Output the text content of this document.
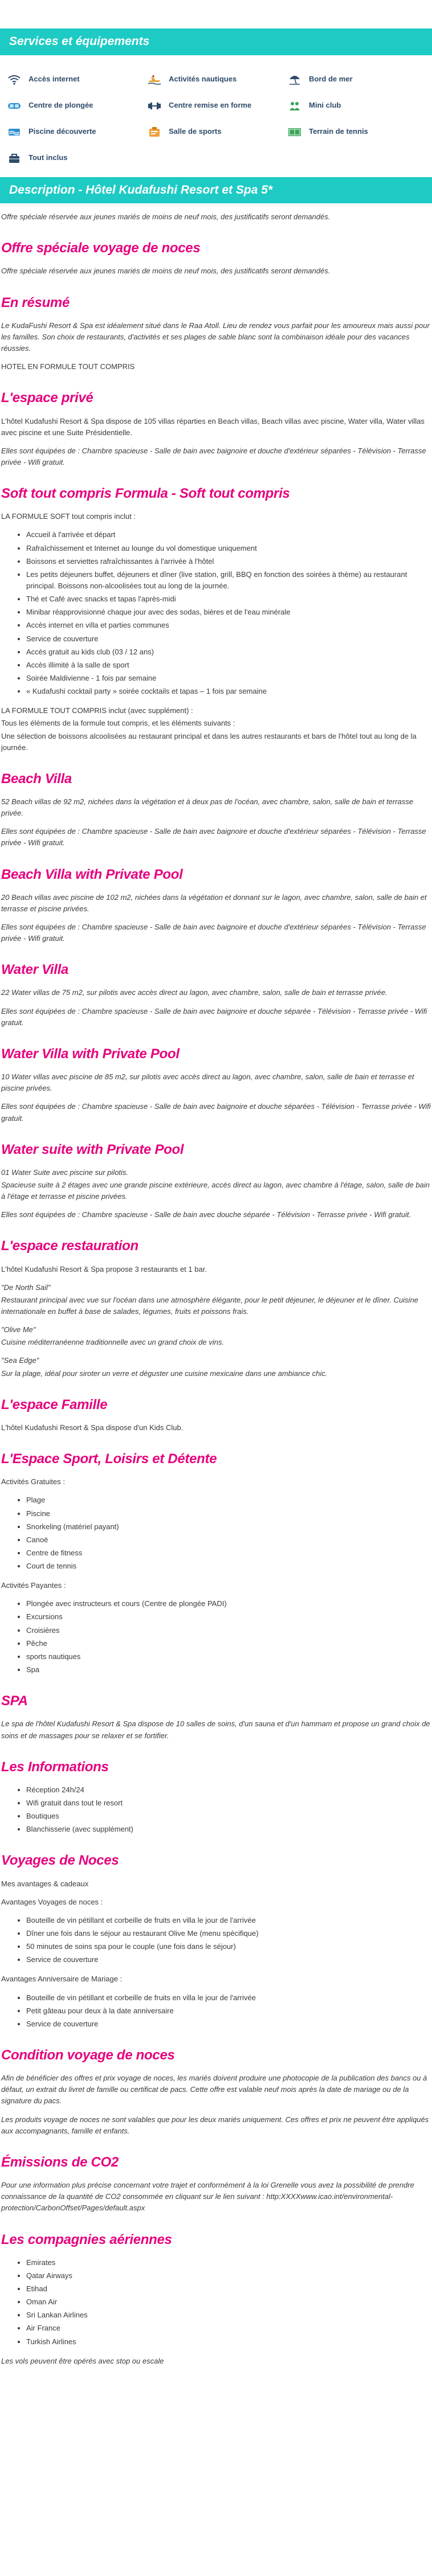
Services et équipements
Accès internet	Activités nautiques	Bord de mer
Centre de plongée	Centre remise en forme	Mini club
Piscine découverte	Salle de sports	Terrain de tennis
Tout inclus
Description - Hôtel Kudafushi Resort et Spa 5*

Offre spéciale réservée aux jeunes mariés de moins de neuf mois, des justificatifs seront demandés.

Offre spéciale voyage de noces

Offre spéciale réservée aux jeunes mariés de moins de neuf mois, des justificatifs seront demandés.

En résumé

Le KudaFushi Resort & Spa est idéalement situé dans le Raa Atoll. Lieu de rendez vous parfait pour les amoureux mais aussi pour les familles. Son choix de restaurants, d'activités et ses plages de sable blanc sont la combinaison idéale pour des vacances réussies.

HOTEL EN FORMULE TOUT COMPRIS

L'espace privé

L'hôtel Kudafushi Resort & Spa dispose de 105 villas réparties en Beach villas, Beach villas avec piscine, Water villa, Water villas avec piscine et une Suite Présidentielle.

Elles sont équipées de : Chambre spacieuse - Salle de bain avec baignoire et douche d'extérieur séparées - Télévision - Terrasse privée - Wifi gratuit.

Soft tout compris Formula - Soft tout compris

LA FORMULE SOFT tout compris inclut :

• Accueil à l'arrivée et départ
• Rafraîchissement et Internet au lounge du vol domestique uniquement
• Boissons et serviettes rafraîchissantes à l'arrivée à l'hôtel
• Les petits déjeuners buffet, déjeuners et dîner (live station, grill, BBQ en fonction des soirées à thème) au restaurant principal. Boissons non-alcoolisées tout au long de la journée.
• Thé et Café avec snacks et tapas l'après-midi
• Minibar réapprovisionné chaque jour avec des sodas, bières et de l'eau minérale
• Accès internet en villa et parties communes
• Service de couverture
• Accès gratuit au kids club (03 / 12 ans)
• Accès illimité à la salle de sport
• Soirée Maldivienne - 1 fois par semaine
• « Kudafushi cocktail party » soirée cocktails et tapas – 1 fois par semaine

LA FORMULE TOUT COMPRIS inclut (avec supplément) :

Tous les éléments de la formule tout compris, et les éléments suivants :

Une sélection de boissons alcoolisées au restaurant principal et dans les autres restaurants et bars de l'hôtel tout au long de la journée.

Beach Villa

52 Beach villas de 92 m2, nichées dans la végétation et à deux pas de l'océan, avec chambre, salon, salle de bain et terrasse privée.

Elles sont équipées de : Chambre spacieuse - Salle de bain avec baignoire et douche d'extérieur séparées - Télévision - Terrasse privée - Wifi gratuit.

Beach Villa with Private Pool

20 Beach villas avec piscine de 102 m2, nichées dans la végétation et donnant sur le lagon, avec chambre, salon, salle de bain et terrasse et piscine privées.

Elles sont équipées de : Chambre spacieuse - Salle de bain avec baignoire et douche d'extérieur séparées - Télévision - Terrasse privée - Wifi gratuit.

Water Villa

22 Water villas de 75 m2, sur pilotis avec accès direct au lagon, avec chambre, salon, salle de bain et terrasse privée.

Elles sont équipées de : Chambre spacieuse - Salle de bain avec baignoire et douche séparée - Télévision - Terrasse privée - Wifi gratuit.

Water Villa with Private Pool

10 Water villas avec piscine de 85 m2, sur pilotis avec accès direct au lagon, avec chambre, salon, salle de bain et terrasse et piscine privées.

Elles sont équipées de : Chambre spacieuse - Salle de bain avec baignoire et douche séparées - Télévision - Terrasse privée - Wifi gratuit.

Water suite with Private Pool

01 Water Suite avec piscine sur pilotis.

Spacieuse suite à 2 étages avec une grande piscine extérieure, accès direct au lagon, avec chambre à l'étage, salon, salle de bain à l'étage et terrasse et piscine privées.

Elles sont équipées de : Chambre spacieuse - Salle de bain avec douche séparée - Télévision - Terrasse privée - Wifi gratuit.

L'espace restauration

L'hôtel Kudafushi Resort & Spa propose 3 restaurants et 1 bar.

"De North Sail"

Restaurant principal avec vue sur l'océan dans une atmosphère élégante, pour le petit déjeuner, le déjeuner et le dîner. Cuisine internationale en buffet à base de salades, légumes, fruits et poissons frais.

"Olive Me"

Cuisine méditerranéenne traditionnelle avec un grand choix de vins.

"Sea Edge"

Sur la plage, idéal pour siroter un verre et déguster une cuisine mexicaine dans une ambiance chic.

L'espace Famille

L'hôtel Kudafushi Resort & Spa dispose d'un Kids Club.

L'Espace Sport, Loisirs et Détente

Activités Gratuites :

• Plage
• Piscine
• Snorkeling (matériel payant)
• Canoë
• Centre de fitness
• Court de tennis

Activités Payantes :

• Plongée avec instructeurs et cours (Centre de plongée PADI)
• Excursions
• Croisières
• Pêche
• sports nautiques
• Spa
SPA

Le spa de l'hôtel Kudafushi Resort & Spa dispose de 10 salles de soins, d'un sauna et d'un hammam et propose un grand choix de soins et de massages pour se relaxer et se fortifier.

Les Informations
• Réception 24h/24
• Wifi gratuit dans tout le resort
• Boutiques
• Blanchisserie (avec supplément)
Voyages de Noces

Mes avantages & cadeaux

Avantages Voyages de noces :

• Bouteille de vin pétillant et corbeille de fruits en villa le jour de l'arrivée
• Dîner une fois dans le séjour au restaurant Olive Me (menu spécifique)
• 50 minutes de soins spa pour le couple (une fois dans le séjour)
• Service de couverture

Avantages Anniversaire de Mariage :

• Bouteille de vin pétillant et corbeille de fruits en villa le jour de l'arrivée
• Petit gâteau pour deux à la date anniversaire
• Service de couverture
Condition voyage de noces

Afin de bénéficier des offres et prix voyage de noces, les mariés doivent produire une photocopie de la publication des bancs ou à défaut, un extrait du livret de famille ou certificat de pacs. Cette offre est valable neuf mois après la date de mariage ou de la signature du pacs.

Les produits voyage de noces ne sont valables que pour les deux mariés uniquement. Ces offres et prix ne peuvent être appliqués aux accompagnants, famille et enfants.

Émissions de CO2

Pour une information plus précise concernant votre trajet et conformément à la loi Grenelle vous avez la possibilité de prendre connaissance de la quantité de CO2 consommée en cliquant sur le lien suivant : http:XXXXwww.icao.int/environmental-protection/CarbonOffset/Pages/default.aspx

Les compagnies aériennes
• Emirates
• Qatar Airways
• Etihad
• Oman Air
• Sri Lankan Airlines
• Air France
• Turkish Airlines

Les vols peuvent être opérés avec stop ou escale
